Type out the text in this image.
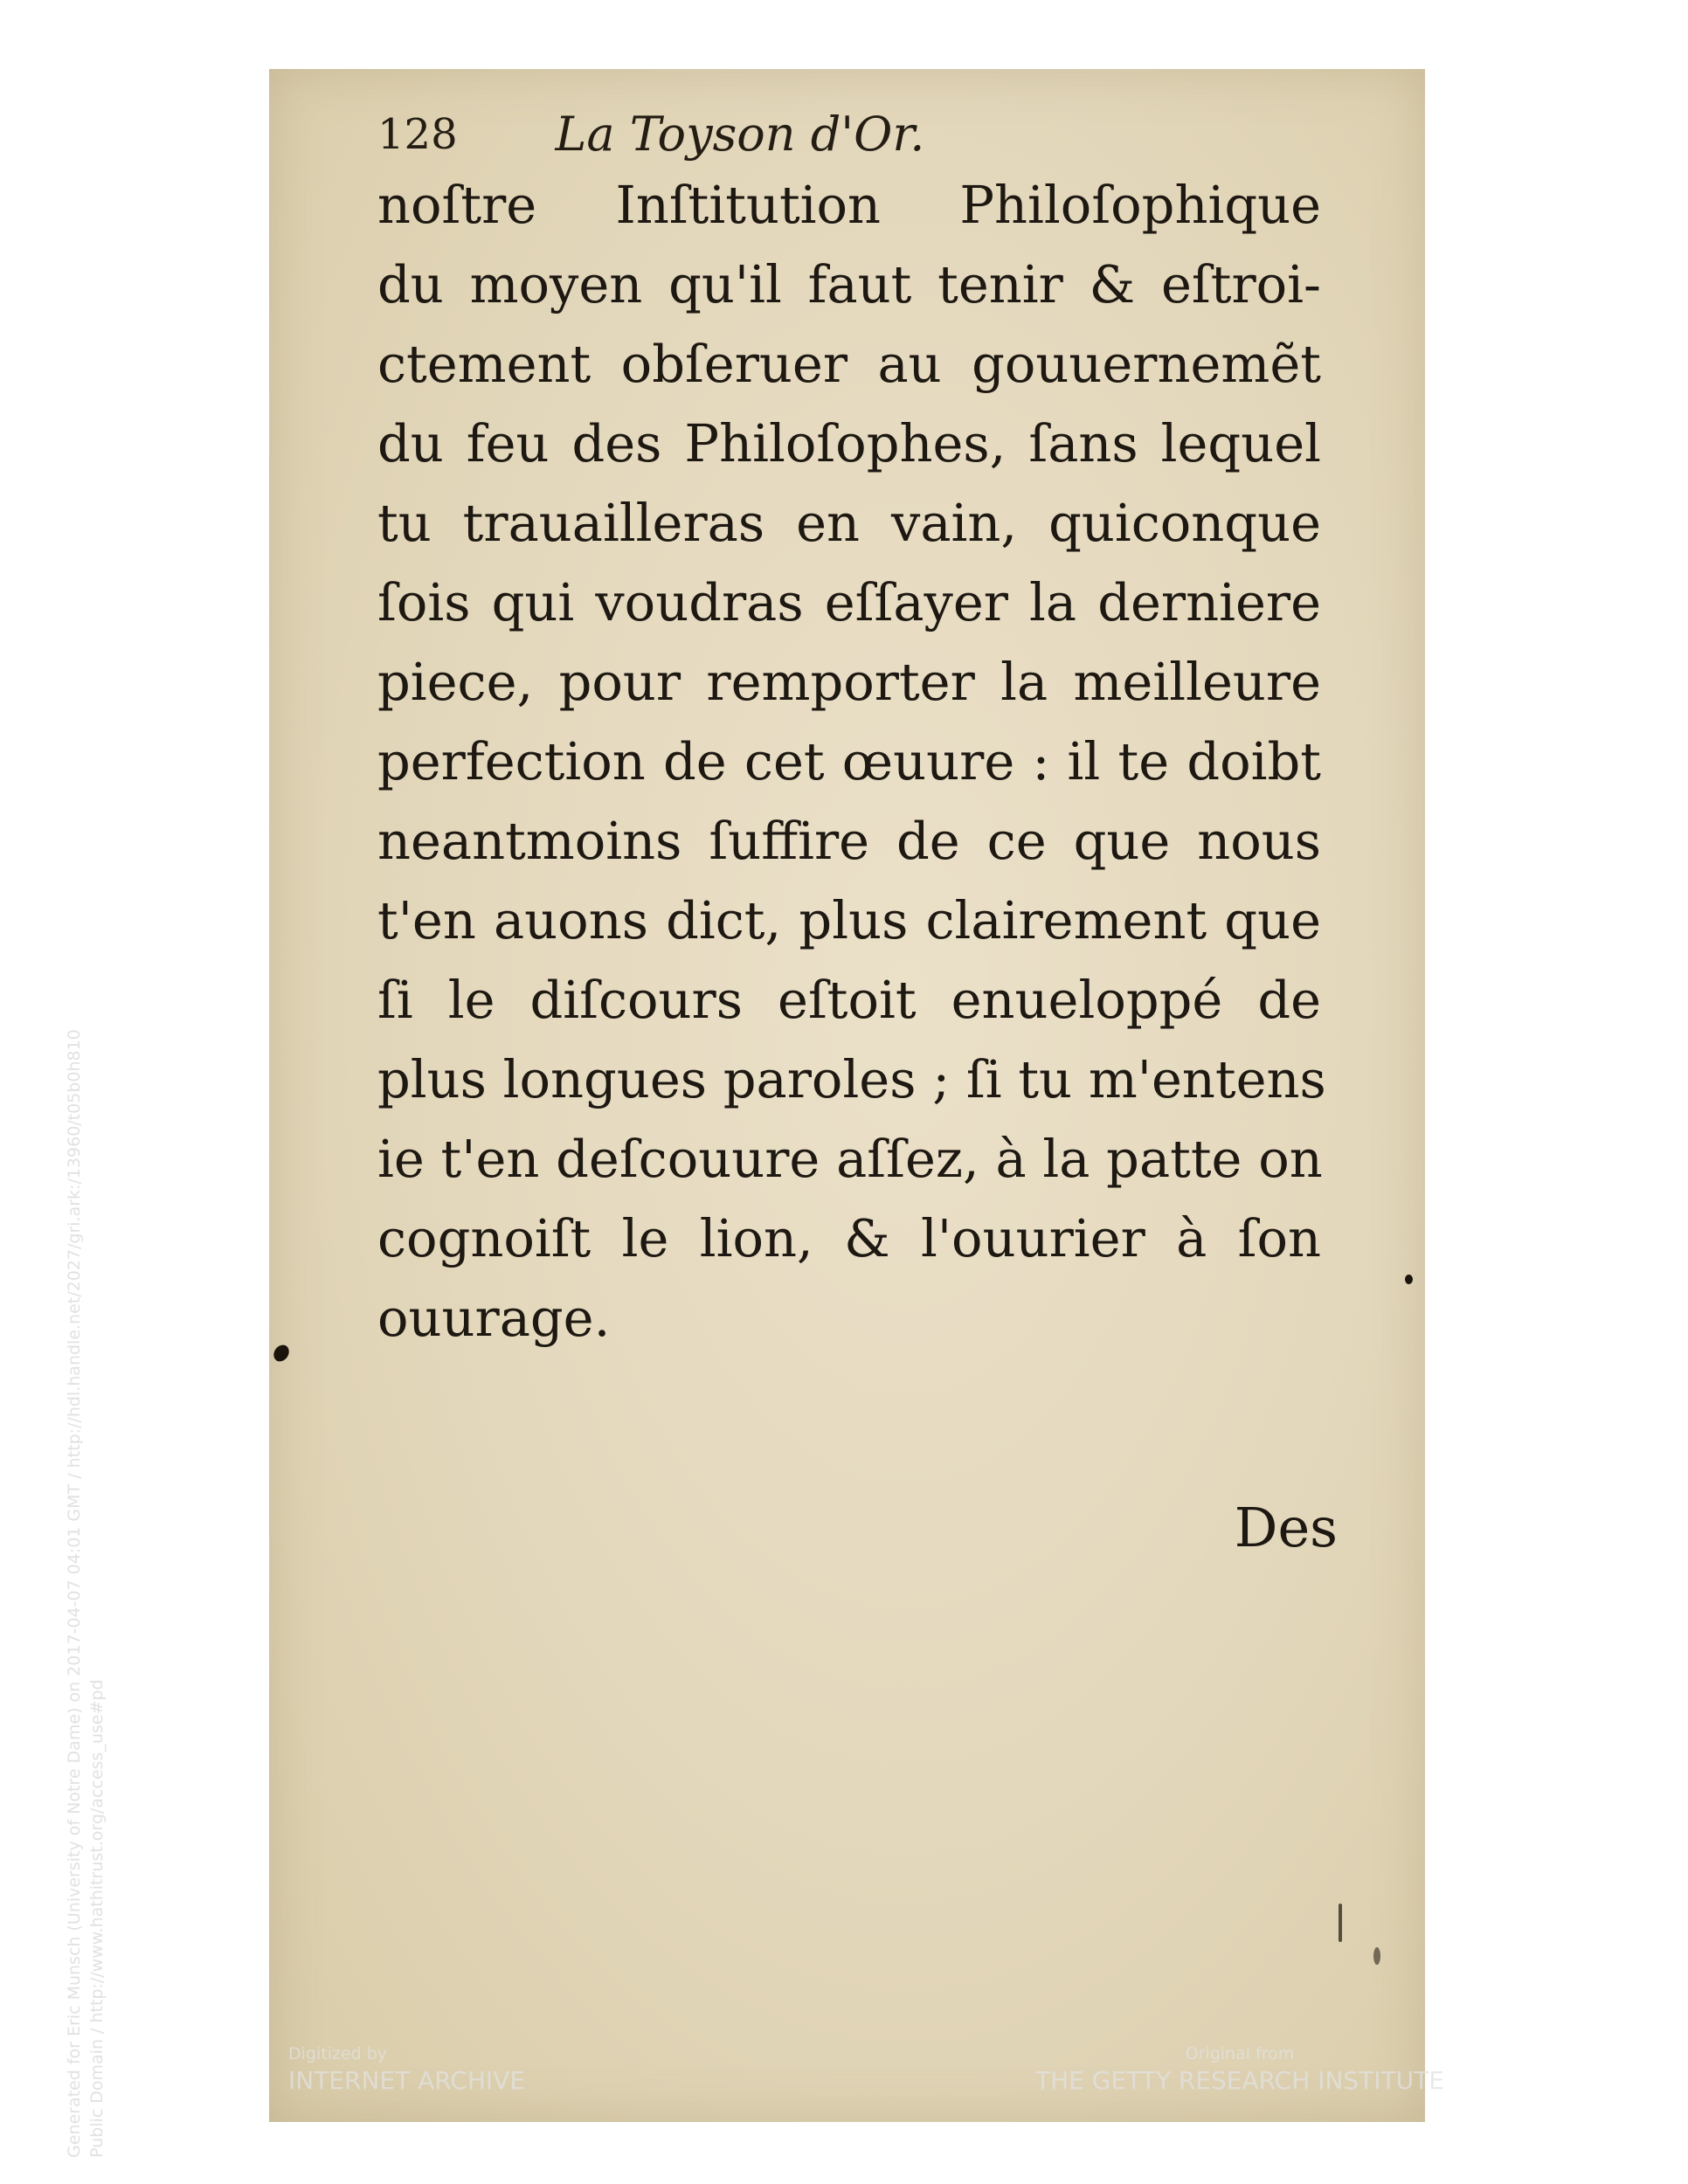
Generated for Eric Munsch (University of Notre Dame) on 2017-04-07 04:01 GMT / http://hdl.handle.net/2027/gri.ark:/13960/t05b0h810 Public Domain / http://www.hathitrust.org/access_use#pd
128	La Toyson d'Or.
noſtre Inſtitution Philoſophique
du moyen qu'il faut tenir & eſtroi-
ctement obſeruer au gouuernemẽt
du feu des Philoſophes, ſans lequel
tu trauailleras en vain, quiconque
ſois qui voudras eſſayer la derniere
piece, pour remporter la meilleure
perfection de cet œuure : il te doibt
neantmoins ſuffire de ce que nous
t'en auons dict, plus clairement que
ſi le diſcours eſtoit enueloppé de
plus longues paroles ; ſi tu m'entens
ie t'en deſcouure aſſez, à la patte on
cognoiſt le lion, & l'ouurier à ſon
ouurage.
Des
Digitized by
INTERNET ARCHIVE
Original from
THE GETTY RESEARCH INSTITUTE
